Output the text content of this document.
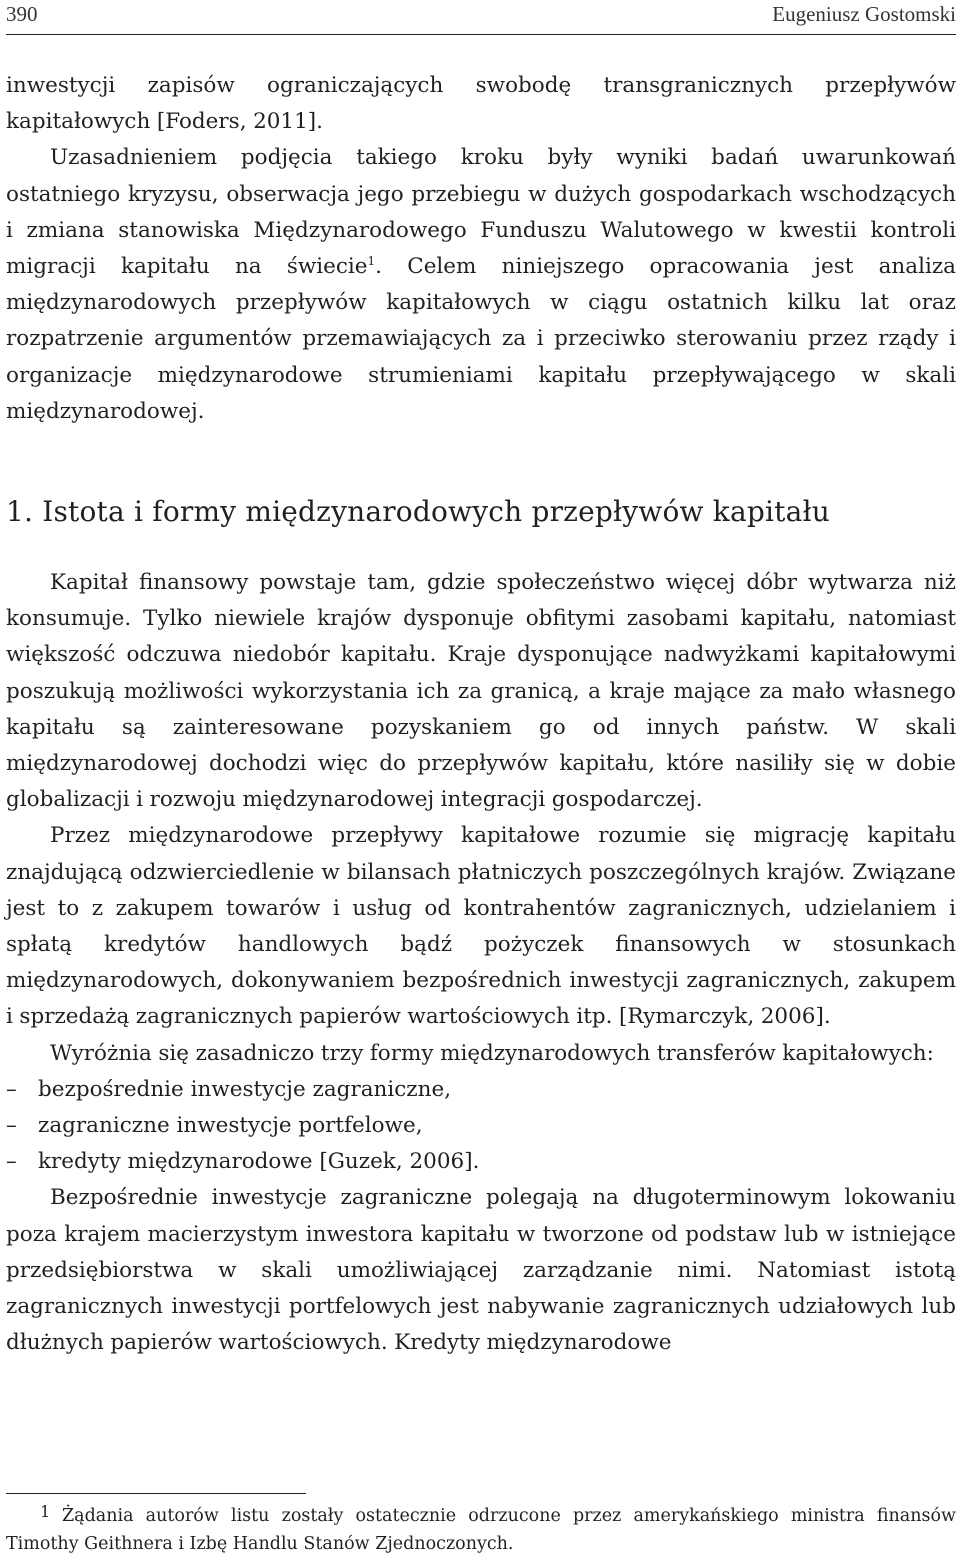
390	Eugeniusz Gostomski

inwestycji zapisów ograniczających swobodę transgranicznych przepływów kapitałowych [Foders, 2011].

Uzasadnieniem podjęcia takiego kroku były wyniki badań uwarunkowań ostatniego kryzysu, obserwacja jego przebiegu w dużych gospodarkach wschodzących i zmiana stanowiska Międzynarodowego Funduszu Walutowego w kwestii kontroli migracji kapitału na świecie$^1$. Celem niniejszego opracowania jest analiza międzynarodowych przepływów kapitałowych w ciągu ostatnich kilku lat oraz rozpatrzenie argumentów przemawiających za i przeciwko sterowaniu przez rządy i organizacje międzynarodowe strumieniami kapitału przepływającego w skali międzynarodowej.

1. Istota i formy międzynarodowych przepływów kapitału

Kapitał finansowy powstaje tam, gdzie społeczeństwo więcej dóbr wytwarza niż konsumuje. Tylko niewiele krajów dysponuje obfitymi zasobami kapitału, natomiast większość odczuwa niedobór kapitału. Kraje dysponujące nadwyżkami kapitałowymi poszukują możliwości wykorzystania ich za granicą, a kraje mające za mało własnego kapitału są zainteresowane pozyskaniem go od innych państw. W skali międzynarodowej dochodzi więc do przepływów kapitału, które nasiliły się w dobie globalizacji i rozwoju międzynarodowej integracji gospodarczej.

Przez międzynarodowe przepływy kapitałowe rozumie się migrację kapitału znajdującą odzwierciedlenie w bilansach płatniczych poszczególnych krajów. Związane jest to z zakupem towarów i usług od kontrahentów zagranicznych, udzielaniem i spłatą kredytów handlowych bądź pożyczek finansowych w stosunkach międzynarodowych, dokonywaniem bezpośrednich inwestycji zagranicznych, zakupem i sprzedażą zagranicznych papierów wartościowych itp. [Rymarczyk, 2006].

Wyróżnia się zasadniczo trzy formy międzynarodowych transferów kapitałowych:

– bezpośrednie inwestycje zagraniczne,
– zagraniczne inwestycje portfelowe,
– kredyty międzynarodowe [Guzek, 2006].

Bezpośrednie inwestycje zagraniczne polegają na długoterminowym lokowaniu poza krajem macierzystym inwestora kapitału w tworzone od podstaw lub w istniejące przedsiębiorstwa w skali umożliwiającej zarządzanie nimi. Natomiast istotą zagranicznych inwestycji portfelowych jest nabywanie zagranicznych udziałowych lub dłużnych papierów wartościowych. Kredyty międzynarodowe

1 Żądania autorów listu zostały ostatecznie odrzucone przez amerykańskiego ministra finansów Timothy Geithnera i Izbę Handlu Stanów Zjednoczonych.
